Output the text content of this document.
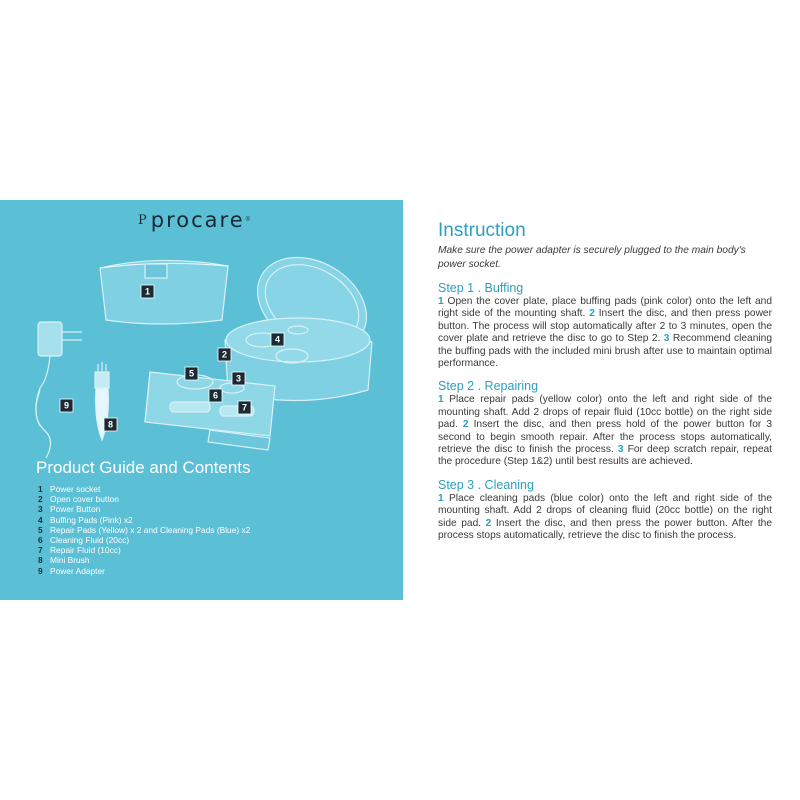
P procare ®
1
2
3
4
5
6
7
8
9
Product Guide and Contents
1 Power socket
2 Open cover button
3 Power Button
4 Buffing Pads (Pink) x2
5 Repair Pads (Yellow) x 2 and Cleaning Pads (Blue) x2
6 Cleaning Fluid (20cc)
7 Repair Fluid (10cc)
8 Mini Brush
9 Power Adapter
Instruction

Make sure the power adapter is securely plugged to the main body's power socket.

Step 1 . Buffing

1 Open the cover plate, place buffing pads (pink color) onto the left and right side of the mounting shaft. 2 Insert the disc, and then press power button. The process will stop automatically after 2 to 3 minutes, open the cover plate and retrieve the disc to go to Step 2. 3 Recommend cleaning the buffing pads with the included mini brush after use to maintain optimal performance.

Step 2 . Repairing

1 Place repair pads (yellow color) onto the left and right side of the mounting shaft. Add 2 drops of repair fluid (10cc bottle) on the right side pad. 2 Insert the disc, and then press hold of the power button for 3 second to begin smooth repair. After the process stops automatically, retrieve the disc to finish the process. 3 For deep scratch repair, repeat the procedure (Step 1&2) until best results are achieved.

Step 3 . Cleaning

1 Place cleaning pads (blue color) onto the left and right side of the mounting shaft. Add 2 drops of cleaning fluid (20cc bottle) on the right side pad. 2 Insert the disc, and then press the power button. After the process stops automatically, retrieve the disc to finish the process.
